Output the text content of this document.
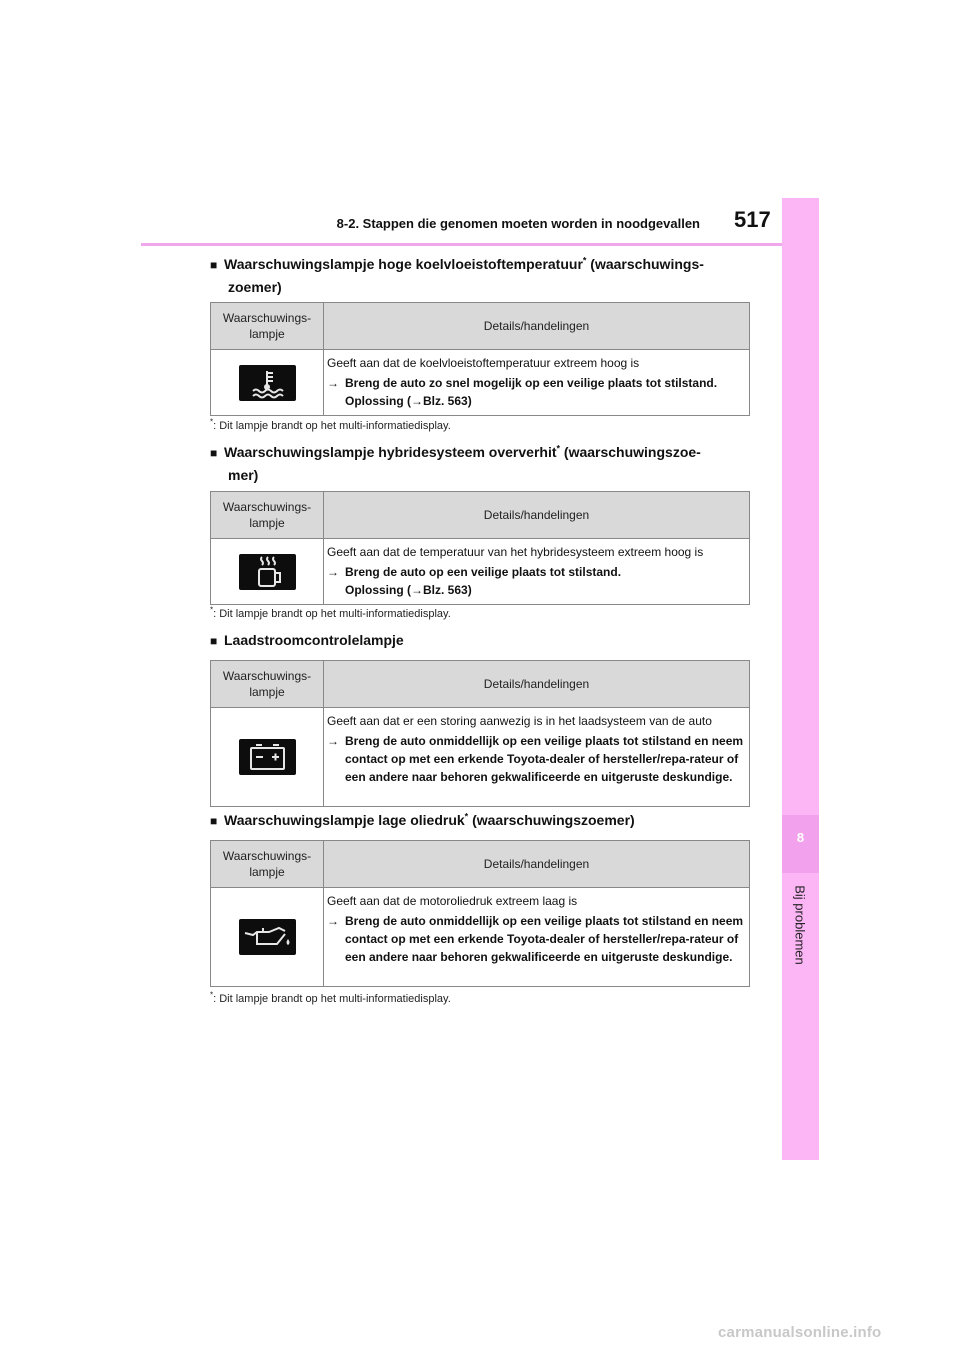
8-2. Stappen die genomen moeten worden in noodgevallen 517
8
Bij problemen
■ Waarschuwingslampje hoge koelvloeistoftemperatuur* (waarschuwings-
zoemer)
Waarschuwings-
lampje	Details/handelingen

Geeft aan dat de koelvloeistoftemperatuur extreem hoog is
→ Breng de auto zo snel mogelijk op een veilige plaats tot stilstand.
Oplossing (→Blz. 563)
*: Dit lampje brandt op het multi-informatiedisplay.
■ Waarschuwingslampje hybridesysteem oververhit* (waarschuwingszoe-
mer)
Waarschuwings-
lampje	Details/handelingen

Geeft aan dat de temperatuur van het hybridesysteem extreem hoog is
→ Breng de auto op een veilige plaats tot stilstand.
Oplossing (→Blz. 563)
*: Dit lampje brandt op het multi-informatiedisplay.
■ Laadstroomcontrolelampje
Waarschuwings-
lampje	Details/handelingen

Geeft aan dat er een storing aanwezig is in het laadsysteem van de auto
→ Breng de auto onmiddellijk op een veilige plaats tot stilstand en neem contact op met een erkende Toyota-dealer of hersteller/repa-rateur of een andere naar behoren gekwalificeerde en uitgeruste deskundige.
■ Waarschuwingslampje lage oliedruk* (waarschuwingszoemer)
Waarschuwings-
lampje	Details/handelingen

Geeft aan dat de motoroliedruk extreem laag is
→ Breng de auto onmiddellijk op een veilige plaats tot stilstand en neem contact op met een erkende Toyota-dealer of hersteller/repa-rateur of een andere naar behoren gekwalificeerde en uitgeruste deskundige.
*: Dit lampje brandt op het multi-informatiedisplay.
carmanualsonline.info
